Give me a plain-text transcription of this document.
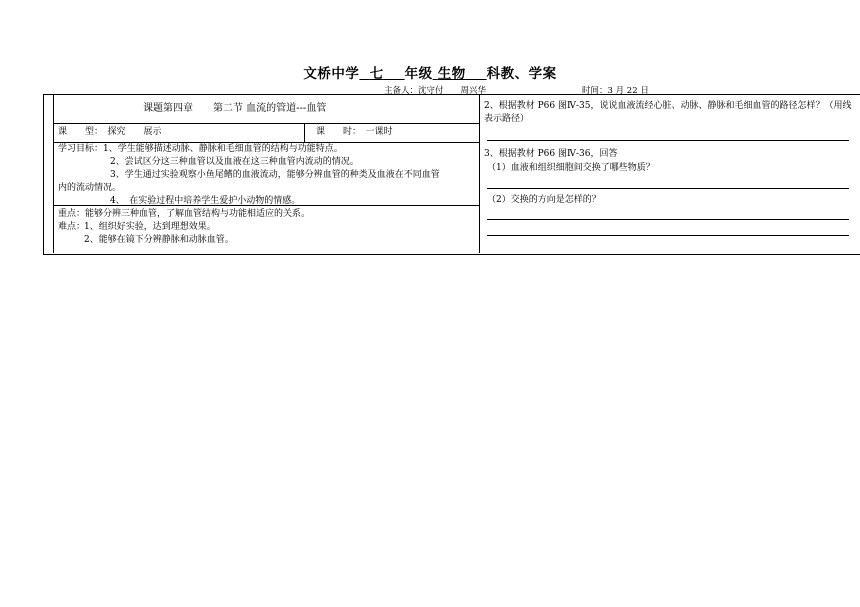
文桥中学 七 年级 生物 科教、学案
主备人：沈守付　　周兴华	时间：3 月 22 日
课题第四章　　第二节 血流的管道---血管
课　　型：　探究　　展示	课　　时：　一课时
学习目标： 1、学生能够描述动脉、静脉和毛细血管的结构与功能特点。
2、尝试区分这三种血管以及血液在这三种血管内流动的情况。
3、学生通过实验观察小鱼尾鳍的血液流动，能够分辨血管的种类及血液在不同血管
内的流动情况。
4、　在实验过程中培养学生爱护小动物的情感。
重点：能够分辨三种血管，了解血管结构与功能相适应的关系。
难点：
1、组织好实验，达到理想效果。
2、能够在镜下分辨静脉和动脉血管。
2、根据教材 P66 图Ⅳ-35，说说血液流经心脏、动脉、静脉和毛细血管的路径怎样？（用线表示路径）
3、根据教材 P66 图Ⅳ-36，回答
（1）血液和组织细胞间交换了哪些物质？
（2）交换的方向是怎样的？
